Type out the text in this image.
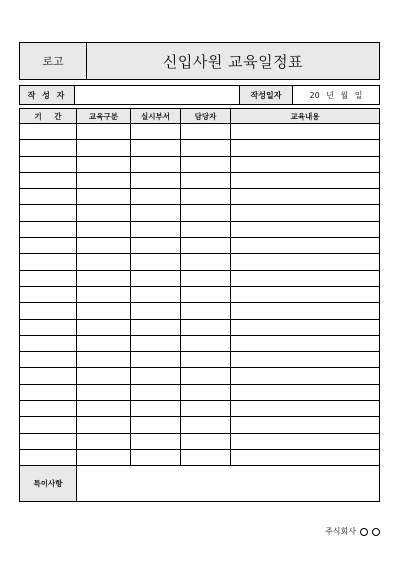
로고	신입사원 교육일정표
작 성 자	작성일자	20 년 월 일
기 간	교육구분	실시부서	담당자	교육내용

특이사항				
주식회사
